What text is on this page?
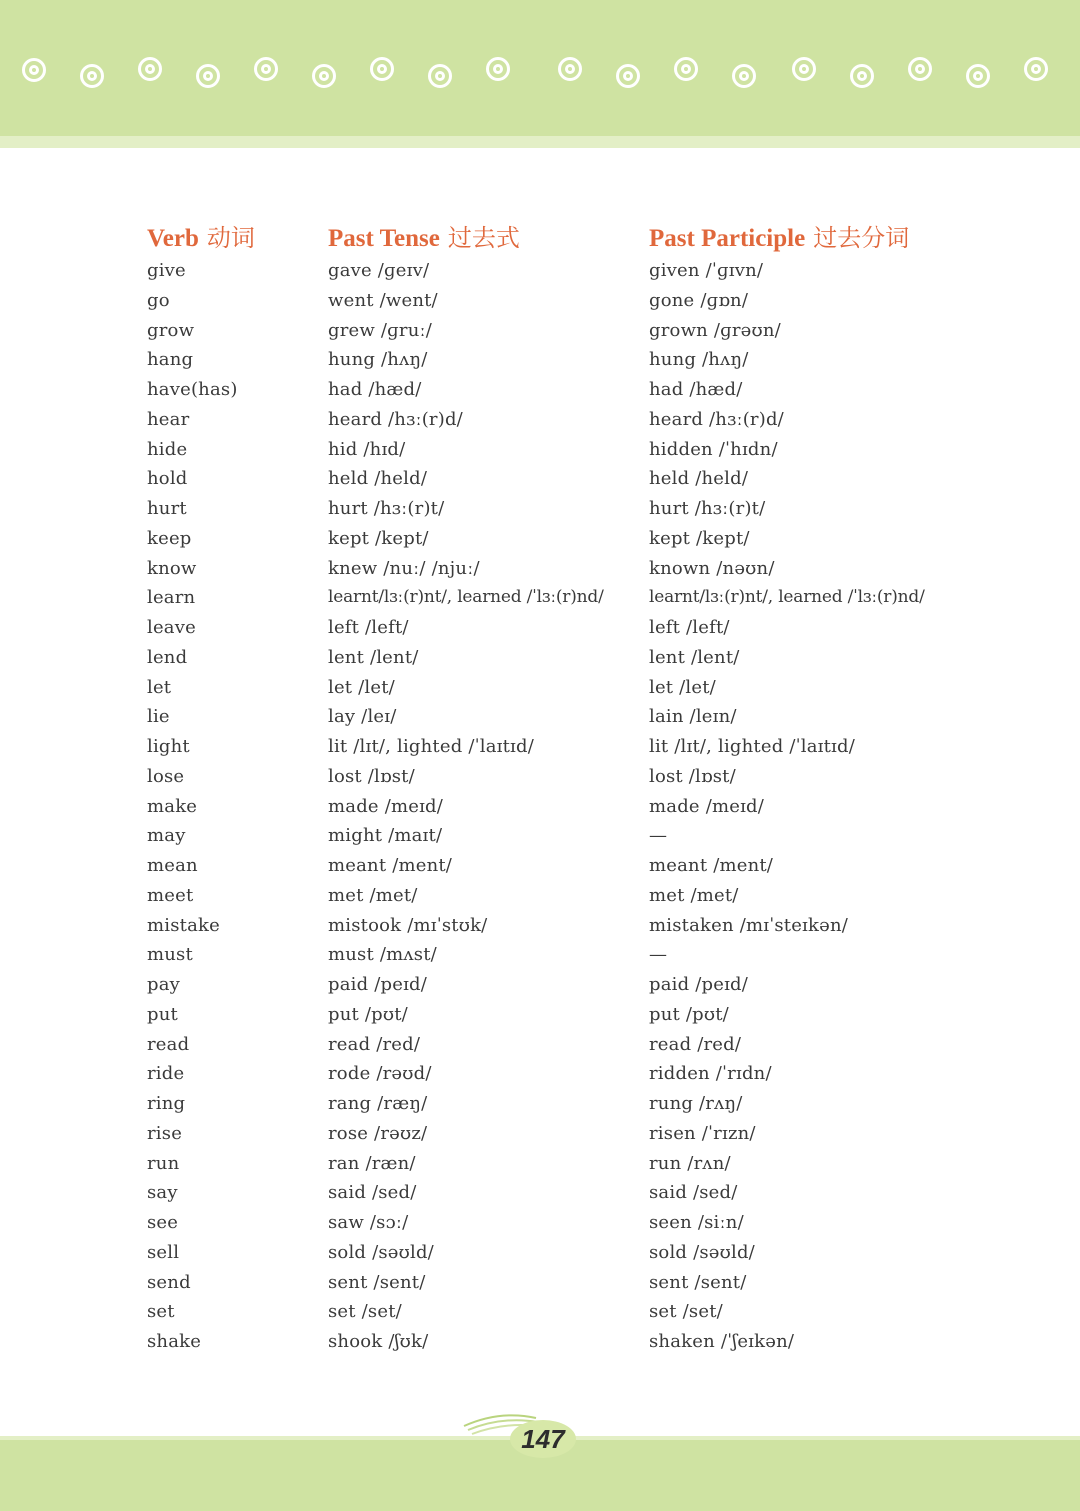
Verb 动词	Past Tense 过去式	Past Participle 过去分词
give	gave /ɡeɪv/	given /ˈɡɪvn/
go	went /went/	gone /ɡɒn/
grow	grew /ɡruː/	grown /ɡrəʊn/
hang	hung /hʌŋ/	hung /hʌŋ/
have(has)	had /hæd/	had /hæd/
hear	heard /hɜː(r)d/	heard /hɜː(r)d/
hide	hid /hɪd/	hidden /ˈhɪdn/
hold	held /held/	held /held/
hurt	hurt /hɜː(r)t/	hurt /hɜː(r)t/
keep	kept /kept/	kept /kept/
know	knew /nuː/ /njuː/	known /nəʊn/
learn	learnt/lɜː(r)nt/, learned /ˈlɜː(r)nd/	learnt/lɜː(r)nt/, learned /ˈlɜː(r)nd/
leave	left /left/	left /left/
lend	lent /lent/	lent /lent/
let	let /let/	let /let/
lie	lay /leɪ/	lain /leɪn/
light	lit /lɪt/, lighted /ˈlaɪtɪd/	lit /lɪt/, lighted /ˈlaɪtɪd/
lose	lost /lɒst/	lost /lɒst/
make	made /meɪd/	made /meɪd/
may	might /maɪt/	—
mean	meant /ment/	meant /ment/
meet	met /met/	met /met/
mistake	mistook /mɪˈstʊk/	mistaken /mɪˈsteɪkən/
must	must /mʌst/	—
pay	paid /peɪd/	paid /peɪd/
put	put /pʊt/	put /pʊt/
read	read /red/	read /red/
ride	rode /rəʊd/	ridden /ˈrɪdn/
ring	rang /ræŋ/	rung /rʌŋ/
rise	rose /rəʊz/	risen /ˈrɪzn/
run	ran /ræn/	run /rʌn/
say	said /sed/	said /sed/
see	saw /sɔː/	seen /siːn/
sell	sold /səʊld/	sold /səʊld/
send	sent /sent/	sent /sent/
set	set /set/	set /set/
shake	shook /ʃʊk/	shaken /ˈʃeɪkən/
147
